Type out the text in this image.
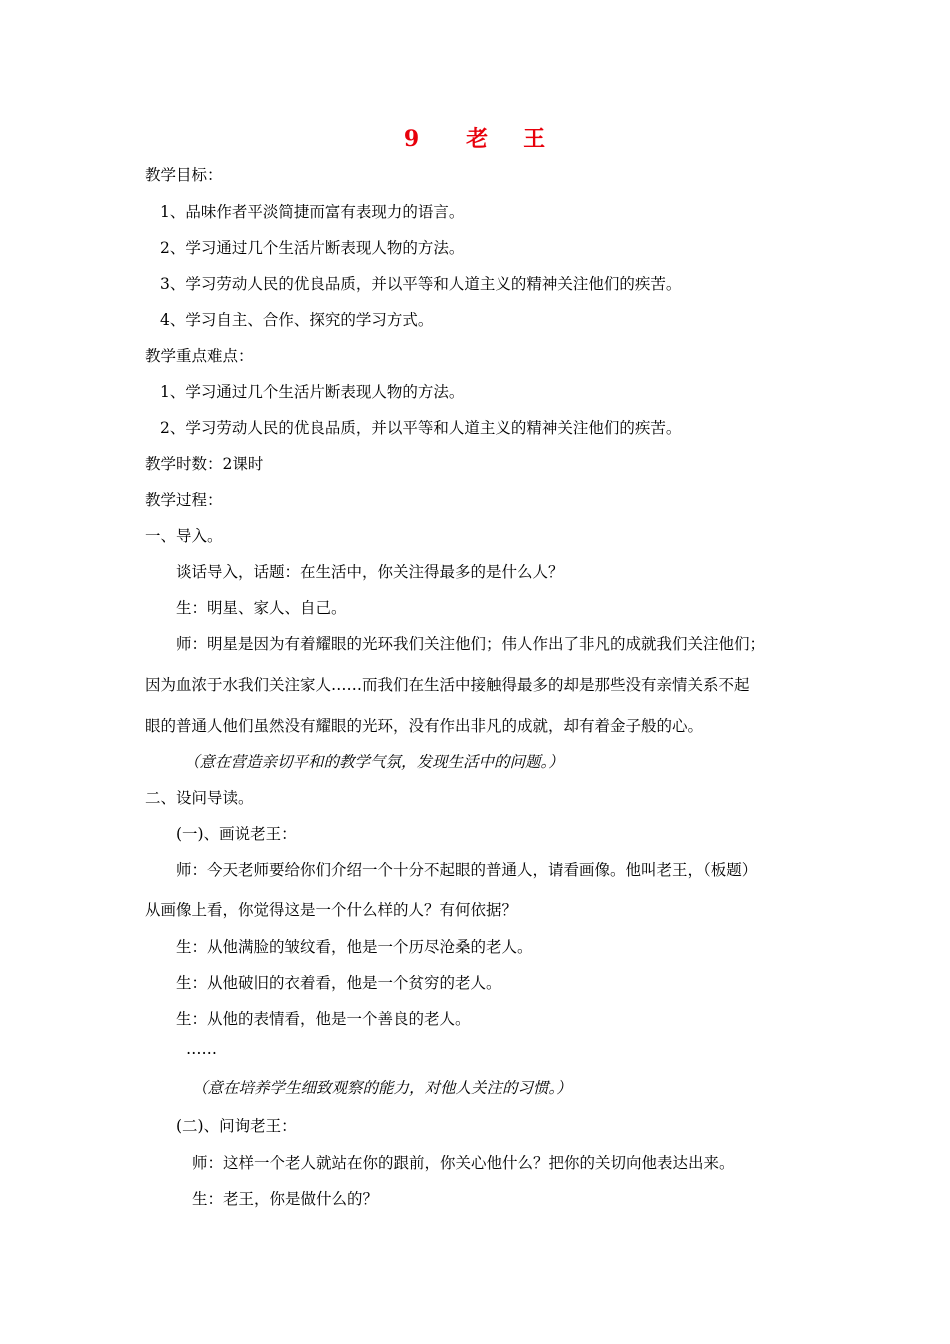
9 老 王
教学目标：
1、品味作者平淡简捷而富有表现力的语言。
2、学习通过几个生活片断表现人物的方法。
3、学习劳动人民的优良品质，并以平等和人道主义的精神关注他们的疾苦。
4、学习自主、合作、探究的学习方式。
教学重点难点：
1、学习通过几个生活片断表现人物的方法。
2、学习劳动人民的优良品质，并以平等和人道主义的精神关注他们的疾苦。
教学时数：2课时
教学过程：
一、导入。
谈话导入，话题：在生活中，你关注得最多的是什么人？
生：明星、家人、自己。
师：明星是因为有着耀眼的光环我们关注他们；伟人作出了非凡的成就我们关注他们；
因为血浓于水我们关注家人……而我们在生活中接触得最多的却是那些没有亲情关系不起
眼的普通人他们虽然没有耀眼的光环，没有作出非凡的成就，却有着金子般的心。
（意在营造亲切平和的教学气氛，发现生活中的问题。）
二、设问导读。
(一)、画说老王：
师：今天老师要给你们介绍一个十分不起眼的普通人，请看画像。他叫老王，（板题）
从画像上看，你觉得这是一个什么样的人？有何依据？
生：从他满脸的皱纹看，他是一个历尽沧桑的老人。
生：从他破旧的衣着看，他是一个贫穷的老人。
生：从他的表情看，他是一个善良的老人。
……
（意在培养学生细致观察的能力，对他人关注的习惯。）
(二)、问询老王：
师：这样一个老人就站在你的跟前，你关心他什么？把你的关切向他表达出来。
生：老王，你是做什么的？
